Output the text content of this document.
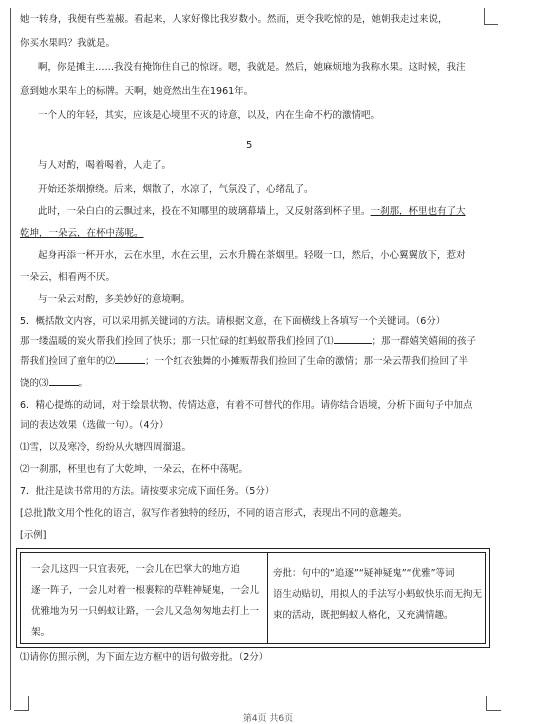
她一转身，我便有些羞赧。看起来，人家好像比我岁数小。然而，更令我吃惊的是，她朝我走过来说，
你买水果吗？我就是。
啊，你是摊主……我没有掩饰住自己的惊讶。嗯，我就是。然后，她麻烦地为我称水果。这时候，我注
意到她水果车上的标牌。天啊，她竟然出生在1961年。
一个人的年轻，其实，应该是心境里不灭的诗意，以及，内在生命不朽的激情吧。
5
与人对酌，喝着喝着，人走了。
开始还茶烟撩绕。后来，烟散了，水凉了，气氛没了，心绪乱了。
此时，一朵白白的云飘过来，投在不知哪里的玻璃幕墙上，又反射落到杯子里。一刹那，杯里也有了大
乾坤，一朵云，在杯中荡呢。
起身再添一杯开水，云在水里，水在云里，云水升腾在茶烟里。轻啜一口，然后，小心翼翼放下，惹对
一朵云，相看两不厌。
与一朵云对酌，多美妙好的意境啊。
5．概括散文内容，可以采用抓关键词的方法。请根据文意，在下面横线上各填写一个关键词。（6分）
那一缕温暖的炭火帮我们捡回了快乐；那一只忙碌的红蚂蚁帮我们捡回了⑴	；那一群嬉笑嬉闹的孩子
帮我们捡回了童年的⑵	；一个红衣独舞的小摊贩帮我们捡回了生命的激情；那一朵云帮我们捡回了半
饶的⑶	。
6．精心提炼的动词，对于绘景状物、传情达意，有着不可替代的作用。请你结合语境，分析下面句子中加点
词的表达效果（选做一句）。（4分）
⑴雪，以及寒冷，纷纷从火塘四周溜退。
⑵一刹那，杯里也有了大乾坤，一朵云，在杯中荡呢。
7．批注是读书常用的方法。请按要求完成下面任务。（5分）
[总批]散文用个性化的语言，叙写作者独特的经历，不同的语言形式，表现出不同的意趣美。
[示例]
一会儿这四一只宜表死，一会儿在巴掌大的地方追
逐一阵子，一会儿对着一根裹粽的草鞋神疑鬼，一会儿
优雅地为另一只蚂蚁让路，一会儿又急匆匆地去打上一
架。
旁批：句中的“追逐”“疑神疑鬼”“优雅”等词
语生动贴切，用拟人的手法写小蚂蚁快乐而无拘无
束的活动，既把蚂蚁人格化，又充满情趣。
⑴请你仿照示例，为下面左边方框中的语句做旁批。（2分）
第4页 共6页
